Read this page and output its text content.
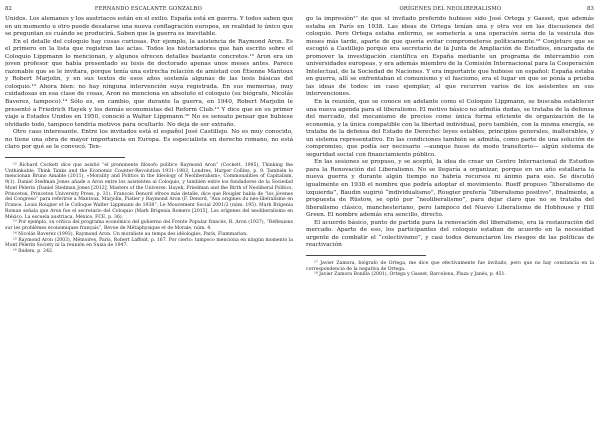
82	FERNANDO ESCALANTE GONZALBO

Unidos. Los alemanes y los austriacos están en el exilio. España está en guerra. Y todos saben que en un momento u otro puede desatarse una nueva conflagración europea, en realidad lo único que se preguntan es cuándo se producirá. Saben que la guerra es inevitable.

En el detalle del coloquio hay cosas curiosas. Por ejemplo, la asistencia de Raymond Aron. Es el primero en la lista que registran las actas. Todos los historiadores que han escrito sobre el Coloquio Lippmann lo mencionan, y algunos ofrecen detalles bastante concretos.¹² Aron era un joven profesor que había presentado su tesis de doctorado apenas unos meses antes. Parece razonable que se le invitara, porque tenía una estrecha relación de amistad con Étienne Mantoux y Robert Marjolin, y en sus textos de esos años sostenía algunas de las tesis básicas del coloquio.¹³ Ahora bien: no hay ninguna intervención suya registrada. En sus memorias, muy cuidadosas en esa clase de cosas, Aron no menciona en absoluto el coloquio (su biógrafo, Nicolás Baverez, tampoco).¹⁴ Sólo es, en cambio, que durante la guerra, en 1940, Robert Marjolin le presentó a Friedrich Hayek y los demás economistas del Reform Club.¹⁵ Y dice que en su primer viaje a Estados Unidos en 1950, conoció a Walter Lippmann.¹⁶ No es sensato pensar que hubiese olvidado todo, tampoco tendría motivos para ocultarlo. No deja de ser extraño.

Otro caso interesante. Entre los invitados está el español José Castillejo. No es muy conocido, no tiene una obra de mayor importancia en Europa. Es especialista en derecho romano, no está claro por qué se le convocó. Ten-

¹² Richard Cockett dice que asistió “el prominente filósofo político Raymond Aron” (Cockett, 1995), Thinking the Unthinkable. Think Tanks and the Economic Counter-Revolution 1931–1983, Londres, Harper Collins, p. 9. También lo mencionan Bruno Amable (2011), «Morality and Politics in the Ideology of Neoliberalism», Commonalities of Capitalism, 9(1). Daniel Stedman Jones añade a Aron entre los asistentes al Coloquio, y también entre los fundadores de la Sociedad Mont Pèlerin (Daniel Stedman Jones [2012], Masters of the Universe. Hayek, Friedman and the Birth of Neoliberal Politics, Princeton, Princeton University Press, p. 31). Francois Denord ofrece más detalle, dice que Rougier habla de “los jóvenes del Congreso” para referirse a Mantoux, Marjolin, Piatier y Raymond Aron (F. Denord, “Aux origines du néo-libéralisme en France. Louis Rougier et le Colloque Walter Lippmann de 1938”, Le Mouvement Social 2001/2 (núm. 195). Mark Brigenia Roman señala que Aron fue el secretario del Coloquio (Mark Brigenia Romero [2015], Los orígenes del neoliberalismo en México. La escuela austriaca, México, FCE, p. 36).

¹³ Por ejemplo, su crítica del programa económico del gobierno del Frente Popular francés, R. Aron (1937), “Réflexions sur les problèmes économiques français”, Revue de Métaphysique et de Morale, núm. 4.

¹⁴ Nicolás Baverez (1993), Raymond Aron. Un moraliste au temps des idéologies, París, Flammarion.

¹⁵ Raymond Aron (2003), Mémoires, París, Robert Laffont, p. 167. Por cierto: tampoco menciona en ningún momento la Mont Pèlerin Society ni la reunión en Suiza de 1947.

¹⁶ Ibidem, p. 242.

ORÍGENES DEL NEOLIBERALISMO	83

go la impresión¹⁷ de que el invitado preferido hubiese sido José Ortega y Gasset, que además estaba en París en 1938. Las ideas de Ortega tenían una y otra vez en las discusiones del coloquio. Pero Ortega estaba enfermo, se sometería a una operación seria de la vesícula dos meses más tarde, aparte de que quería evitar comprometerse políticamente.¹⁸ Conjeturo que se escogió a Castillejo porque era secretario de la Junta de Ampliación de Estudios, encargada de promover la investigación científica en España mediante un programa de intercambio con universidades europeas, y era además miembro de la Comisión Internacional para la Cooperación Intelectual, de la Sociedad de Naciones. Y era importante que hubiese un español: España estaba en guerra, allí se enfrentaban el comunismo y el fascismo, era el lugar en que se ponía a prueba las ideas de todos: un caso ejemplar, al que recurren varios de los asistentes en sus intervenciones.

En la reunión, que se conoce en adelante como el Coloquio Lippmann, se buscaba establecer una nueva agenda para el liberalismo. El motivo básico no admitía dudas, se trataba de la defensa del mercado, del mecanismo de precios como única forma eficiente de organización de la economía, y la única compatible con la libertad individual, pero también, con la misma energía, se trataba de la defensa del Estado de Derecho: leyes estables, principios generales, inalterables, y un sistema representativo. En las condiciones también se admitía, como parte de una solución de compromiso, que podía ser necesario —aunque fuese de modo transitorio— algún sistema de seguridad social con financiamiento público.

En las sesiones se propuso, y se aceptó, la idea de crear un Centro Internacional de Estudios para la Renovación del Liberalismo. No se llegaría a organizar, porque en un año estallaría la nueva guerra y durante algún tiempo no habría recursos ni ánimo para eso. Se discutió igualmente en 1938 el nombre que podría adoptar el movimiento. Rueff propuso “liberalismo de izquierda”, Baudin sugirió “individualismo”, Rougier prefería “liberalismo positivo”, finalmente, a propuesta de Rüstow, se optó por “neoliberalismo”, para dejar claro que no se trataba del liberalismo clásico, manchesteriano, pero tampoco del Nuevo Liberalismo de Hobhouse y Hill Green. El nombre además era sencillo, directo.

El acuerdo básico, punto de partida para la renovación del liberalismo, era la restauración del mercado. Aparte de eso, los participantes del coloquio estaban de acuerdo en la necesidad urgente de combatir el “colectivismo”, y casi todos denunciaron los riesgos de las políticas de reactivación

¹⁷ Javier Zamora, biógrafo de Ortega, me dice que efectivamente fue invitado, pero que no hay constancia en la correspondencia de la negativa de Ortega.

¹⁸ Javier Zamora Bonilla (2001), Ortega y Gasset, Barcelona, Plaza y Janés, p. 451.
